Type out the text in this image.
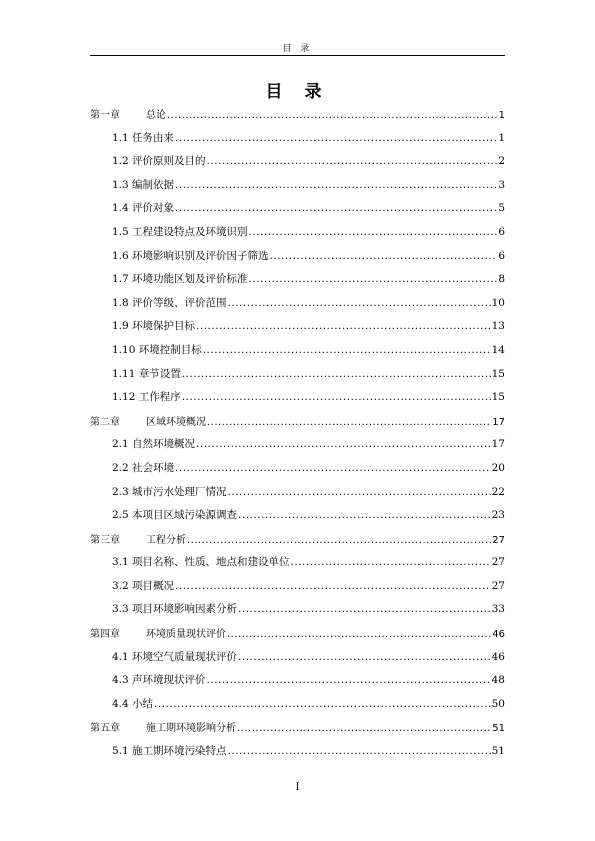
目 录
目 录
第一章	总论 .....	1
1.1 任务由来 .....	1
1.2 评价原则及目的 .....	2
1.3 编制依据 .....	3
1.4 评价对象 .....	5
1.5 工程建设特点及环境识别 .....	6
1.6 环境影响识别及评价因子筛选 .....	6
1.7 环境功能区划及评价标准 .....	8
1.8 评价等级、评价范围 .....	10
1.9 环境保护目标 .....	13
1.10 环境控制目标 .....	14
1.11 章节设置 .....	15
1.12 工作程序 .....	15
第二章	区域环境概况 .....	17
2.1 自然环境概况 .....	17
2.2 社会环境 .....	20
2.3 城市污水处理厂情况 .....	22
2.5 本项目区域污染源调查 .....	23
第三章	工程分析 .....	27
3.1 项目名称、性质、地点和建设单位 .....	27
3.2 项目概况 .....	27
3.3 项目环境影响因素分析 .....	33
第四章	环境质量现状评价 .....	46
4.1 环境空气质量现状评价 .....	46
4.3 声环境现状评价 .....	48
4.4 小结 .....	50
第五章	施工期环境影响分析 .....	51
5.1 施工期环境污染特点 .....	51
I
